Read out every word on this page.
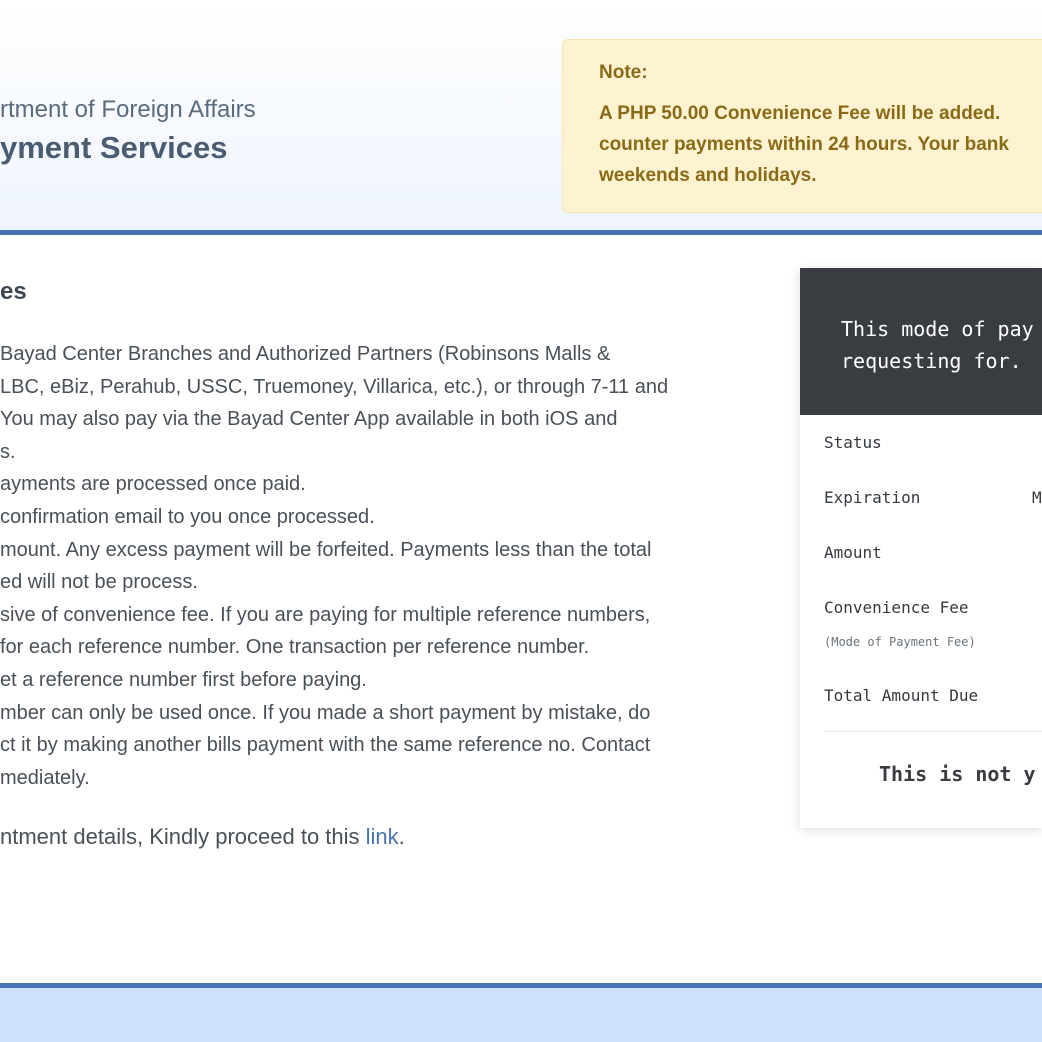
rtment of Foreign Affairs
yment Services
Note:
A PHP 50.00 Convenience Fee will be added.
counter payments within 24 hours. Your bank
weekends and holidays.
es
Bayad Center Branches and Authorized Partners (Robinsons Malls &
LBC, eBiz, Perahub, USSC, Truemoney, Villarica, etc.), or through 7-11 and
You may also pay via the Bayad Center App available in both iOS and
s.
ayments are processed once paid.
confirmation email to you once processed.
mount. Any excess payment will be forfeited. Payments less than the total
ed will not be process.
sive of convenience fee. If you are paying for multiple reference numbers,
for each reference number. One transaction per reference number.
et a reference number first before paying.
mber can only be used once. If you made a short payment by mistake, do
ct it by making another bills payment with the same reference no. Contact
mediately.
ntment details, Kindly proceed to this link.
This mode of pay
requesting for.
Status
Expiration	M
Amount
Convenience Fee
(Mode of Payment Fee)
Total Amount Due
This is not y
